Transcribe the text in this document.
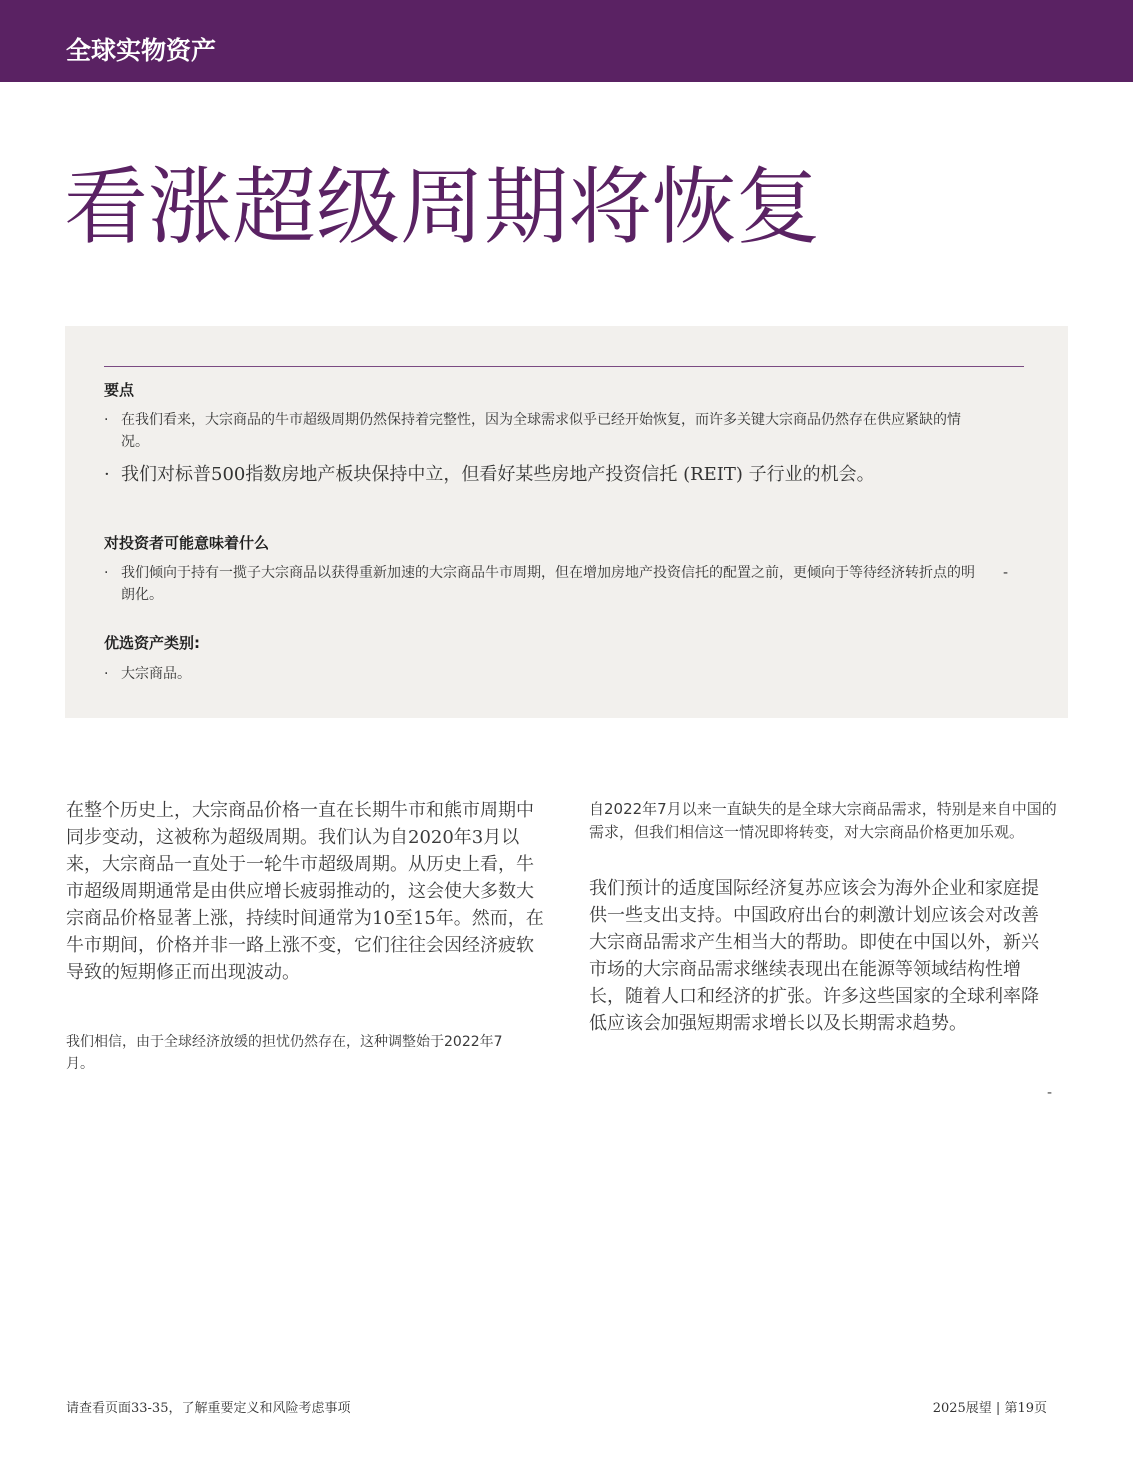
全球实物资产
看涨超级周期将恢复
要点
· 在我们看来，大宗商品的牛市超级周期仍然保持着完整性，因为全球需求似乎已经开始恢复，而许多关键大宗商品仍然存在供应紧缺的情况。
· 我们对标普500指数房地产板块保持中立，但看好某些房地产投资信托 (REIT) 子行业的机会。
对投资者可能意味着什么
· 我们倾向于持有一揽子大宗商品以获得重新加速的大宗商品牛市周期，但在增加房地产投资信托的配置之前，更倾向于等待经济转折点的明朗化。
-
优选资产类别:
· 大宗商品。

在整个历史上，大宗商品价格一直在长期牛市和熊市周期中同步变动，这被称为超级周期。我们认为自2020年3月以来，大宗商品一直处于一轮牛市超级周期。从历史上看，牛市超级周期通常是由供应增长疲弱推动的，这会使大多数大宗商品价格显著上涨，持续时间通常为10至15年。然而，在牛市期间，价格并非一路上涨不变，它们往往会因经济疲软导致的短期修正而出现波动。

我们相信，由于全球经济放缓的担忧仍然存在，这种调整始于2022年7月。

自2022年7月以来一直缺失的是全球大宗商品需求，特别是来自中国的需求，但我们相信这一情况即将转变，对大宗商品价格更加乐观。

我们预计的适度国际经济复苏应该会为海外企业和家庭提供一些支出支持。中国政府出台的刺激计划应该会对改善大宗商品需求产生相当大的帮助。即使在中国以外，新兴市场的大宗商品需求继续表现出在能源等领域结构性增长，随着人口和经济的扩张。许多这些国家的全球利率降低应该会加强短期需求增长以及长期需求趋势。

-
请查看页面33-35，了解重要定义和风险考虑事项	2025展望 | 第19页
